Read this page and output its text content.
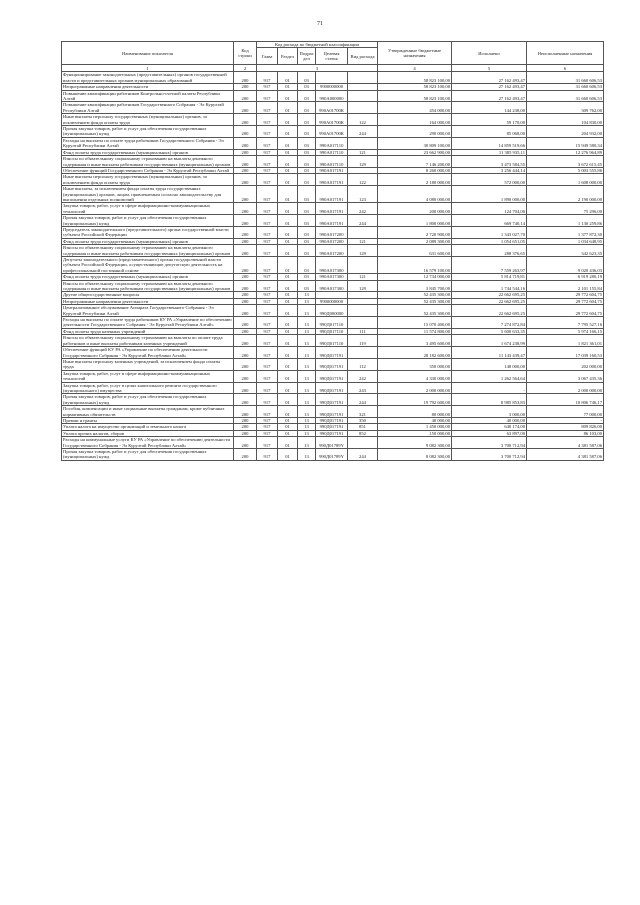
71
Наименование показателя	Код строки	Код расхода по бюджетной классификации					Утвержденные бюджетные назначения	Исполнено	Неисполненные назначения
		Главa	Раздел	Подраз дел	Целевая статья	Вид расхода			
1	2	3					4	5	6
Функционирование законодательных (представительных) органов государственной власти и представительных органов муниципальных образований	200	917	01	03			58 823 100,00	27 162 493,47	31 660 606,53
Непрограммные направления деятельности	200	917	01	03	9900000000		58 823 100,00	27 162 493,47	31 660 606,53
Повышение квалификации работников Контрольно-счетной палаты Республики Алтай	200	917	01	03	990А000000		58 823 100,00	27 162 493,47	31 660 606,53
Повышение квалификации работников Государственного Собрания - Эл Курултай Республики Алтай	200	917	01	03	990А01700К		454 000,00	144 238,00	309 762,00
Иные выплаты персоналу государственных (муниципальных) органов, за исключением фонда оплаты труда	200	917	01	03	990А01700К	122	164 000,00	59 170,00	104 830,00
Прочая закупка товаров, работ и услуг для обеспечения государственных (муниципальных) нужд	200	917	01	03	990А01700К	244	290 000,00	85 068,00	204 932,00
Расходы на выплаты по оплате труда работников Государственного Собрания - Эл Курултай Республики Алтай	200	917	01	03	990А017110		30 809 100,00	14 859 519,66	15 949 580,34
Фонд оплаты труда государственных (муниципальных) органов	200	917	01	03	990А017110	121	23 662 900,00	11 385 935,11	12 276 964,89
Взносы по обязательному социальному страхованию на выплаты денежного содержания и иные выплаты работникам государственных (муниципальных) органов	200	917	01	03	990А017110	129	7 146 200,00	3 473 584,55	3 672 615,45
Обеспечение функций Государственного Собрания - Эл Курултай Республики Алтай	200	917	01	03	990А017191		8 260 000,00	3 256 444,14	5 003 555,86
Иные выплаты персоналу государственных (муниципальных) органов, за исключением фонда оплаты труда	200	917	01	03	990А017191	122	2 180 000,00	572 000,00	1 608 000,00
Иные выплаты, за исключением фонда оплаты труда государственных (муниципальных) органов, лицам, привлекаемым согласно законодательству для выполнения отдельных полномочий	200	917	01	03	990А017191	123	4 080 000,00	1 890 000,00	2 190 000,00
Закупка товаров, работ, услуг в сфере информационно-коммуникационных технологий	200	917	01	03	990А017191	242	200 000,00	124 704,00	75 296,00
Прочая закупка товаров, работ и услуг для обеспечения государственных (муниципальных) нужд	200	917	01	03	990А017191	244	1 800 000,00	669 740,14	1 130 259,86
Председатель законодательного (представительного) органа государственной власти субъекта Российской Федерации	200	917	01	03	990А017200		2 720 900,00	1 343 027,70	1 377 872,30
Фонд оплаты труда государственных (муниципальных) органов	200	917	01	03	990А017200	121	2 089 300,00	1 054 651,05	1 034 648,95
Взносы по обязательному социальному страхованию на выплаты денежного содержания и иные выплаты работникам государственных (муниципальных) органов	200	917	01	03	990А017200	129	631 600,00	288 376,65	342 623,35
Депутаты законодательного (представительного) органа государственной власти субъекта Российской Федерации, осуществляющие депутатскую деятельность на профессиональной постоянной основе	200	917	01	03	990А017300		16 579 100,00	7 559 263,97	9 020 436,03
Фонд оплаты труда государственных (муниципальных) органов	200	917	01	03	990А017300	121	12 734 000,00	5 814 719,81	6 919 280,19
Взносы по обязательному социальному страхованию на выплаты денежного содержания и иные выплаты работникам государственных (муниципальных) органов	200	917	01	03	990А017300	129	3 845 700,00	1 744 544,16	2 101 155,84
Другие общегосударственные вопросы	200	917	01	13			52 435 300,00	22 662 695,25	29 772 604,75
Непрограммные направления деятельности	200	917	01	13	9900000000		52 435 300,00	22 662 695,25	29 772 604,75
Централизованное обслуживание Аппарата Государственного Собрания - Эл Курултай Республики Алтай	200	917	01	13	990Д000000		52 435 300,00	22 662 695,25	29 772 604,75
Расходы на выплаты по оплате труда работников КУ РА «Управление по обеспечению деятельности Государственного Собрания - Эл Курултай Республики Алтай»	200	917	01	13	990Д017110		15 070 400,00	7 274 872,84	7 795 527,16
Фонд оплаты труда казенных учреждений	200	917	01	13	990Д017110	111	11 574 800,00	5 600 633,35	5 974 166,15
Взносы по обязательному социальному страхованию на выплаты по оплате труда работников и иные выплаты работникам казенных учреждений	200	917	01	13	990Д017110	119	3 495 600,00	1 674 238,99	1 821 361,01
Обеспечение функций КУ РА «Управление по обеспечению деятельности Государственного Собрания - Эл Курултай Республики Алтай»	200	917	01	13	990Д017191		28 182 600,00	11 143 439,47	17 039 160,53
Иные выплаты персоналу казенных учреждений, за исключением фонда оплаты труда	200	917	01	13	990Д017191	112	350 000,00	148 000,00	202 000,00
Закупка товаров, работ, услуг в сфере информационно-коммуникационных технологий	200	917	01	13	990Д017191	242	4 330 000,00	1 262 564,64	3 067 435,36
Закупка товаров, работ, услуг в целях капитального ремонта государственного (муниципального) имущества	200	917	01	13	990Д017191	243	2 000 000,00	-	2 000 000,00
Прочая закупка товаров, работ и услуг для обеспечения государственных (муниципальных) нужд	200	917	01	13	990Д017191	244	19 792 600,00	8 985 853,83	10 806 746,17
Пособия, компенсации и иные социальные выплаты гражданам, кроме публичных нормативных обязательств	200	917	01	13	990Д017191	321	80 000,00	3 000,00	77 000,00
Премии и гранты	200	917	01	13	990Д017191	350	40 000,00	40 000,00	-
Уплата налога на имущество организаций и земельного налога	200	917	01	13	990Д017191	851	1 450 000,00	640 174,00	809 826,00
Уплата прочих налогов, сборов	200	917	01	13	990Д017191	852	150 000,00	63 897,00	86 103,00
Расходы на коммунальные услуги КУ РА «Управление по обеспечению деятельности Государственного Собрания - Эл Курултай Республики Алтай»	200	917	01	13	990Д01789Y		9 082 300,00	3 700 712,94	4 381 587,06
Прочая закупка товаров, работ и услуг для обеспечения государственных (муниципальных) нужд	200	917	01	13	990Д01789Y	244	8 082 300,00	3 700 712,94	4 381 587,06
